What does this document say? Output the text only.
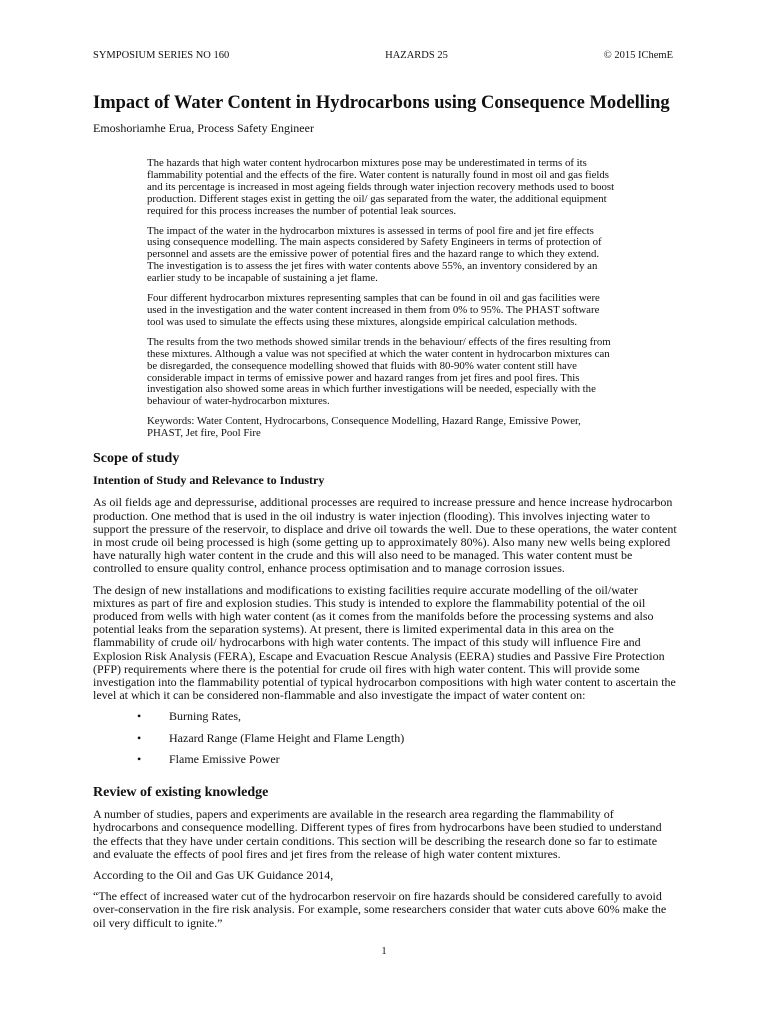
SYMPOSIUM SERIES NO 160	HAZARDS 25	© 2015 IChemE
Impact of Water Content in Hydrocarbons using Consequence Modelling

Emoshoriamhe Erua, Process Safety Engineer

The hazards that high water content hydrocarbon mixtures pose may be underestimated in terms of its flammability potential and the effects of the fire. Water content is naturally found in most oil and gas fields and its percentage is increased in most ageing fields through water injection recovery methods used to boost production. Different stages exist in getting the oil/ gas separated from the water, the additional equipment required for this process increases the number of potential leak sources.

The impact of the water in the hydrocarbon mixtures is assessed in terms of pool fire and jet fire effects using consequence modelling. The main aspects considered by Safety Engineers in terms of protection of personnel and assets are the emissive power of potential fires and the hazard range to which they extend. The investigation is to assess the jet fires with water contents above 55%, an inventory considered by an earlier study to be incapable of sustaining a jet flame.

Four different hydrocarbon mixtures representing samples that can be found in oil and gas facilities were used in the investigation and the water content increased in them from 0% to 95%. The PHAST software tool was used to simulate the effects using these mixtures, alongside empirical calculation methods.

The results from the two methods showed similar trends in the behaviour/ effects of the fires resulting from these mixtures. Although a value was not specified at which the water content in hydrocarbon mixtures can be disregarded, the consequence modelling showed that fluids with 80-90% water content still have considerable impact in terms of emissive power and hazard ranges from jet fires and pool fires. This investigation also showed some areas in which further investigations will be needed, especially with the behaviour of water-hydrocarbon mixtures.

Keywords: Water Content, Hydrocarbons, Consequence Modelling, Hazard Range, Emissive Power, PHAST, Jet fire, Pool Fire

Scope of study
Intention of Study and Relevance to Industry

As oil fields age and depressurise, additional processes are required to increase pressure and hence increase hydrocarbon production. One method that is used in the oil industry is water injection (flooding). This involves injecting water to support the pressure of the reservoir, to displace and drive oil towards the well. Due to these operations, the water content in most crude oil being processed is high (some getting up to approximately 80%). Also many new wells being explored have naturally high water content in the crude and this will also need to be managed. This water content must be controlled to ensure quality control, enhance process optimisation and to manage corrosion issues.

The design of new installations and modifications to existing facilities require accurate modelling of the oil/water mixtures as part of fire and explosion studies. This study is intended to explore the flammability potential of the oil produced from wells with high water content (as it comes from the manifolds before the processing systems and also potential leaks from the separation systems). At present, there is limited experimental data in this area on the flammability of crude oil/ hydrocarbons with high water contents. The impact of this study will influence Fire and Explosion Risk Analysis (FERA), Escape and Evacuation Rescue Analysis (EERA) studies and Passive Fire Protection (PFP) requirements where there is the potential for crude oil fires with high water content. This will provide some investigation into the flammability potential of typical hydrocarbon compositions with high water content to ascertain the level at which it can be considered non-flammable and also investigate the impact of water content on:

• Burning Rates,
• Hazard Range (Flame Height and Flame Length)
• Flame Emissive Power
Review of existing knowledge

A number of studies, papers and experiments are available in the research area regarding the flammability of hydrocarbons and consequence modelling. Different types of fires from hydrocarbons have been studied to understand the effects that they have under certain conditions. This section will be describing the research done so far to estimate and evaluate the effects of pool fires and jet fires from the release of high water content mixtures.

According to the Oil and Gas UK Guidance 2014,

“The effect of increased water cut of the hydrocarbon reservoir on fire hazards should be considered carefully to avoid over-conservation in the fire risk analysis. For example, some researchers consider that water cuts above 60% make the oil very difficult to ignite.”

1
